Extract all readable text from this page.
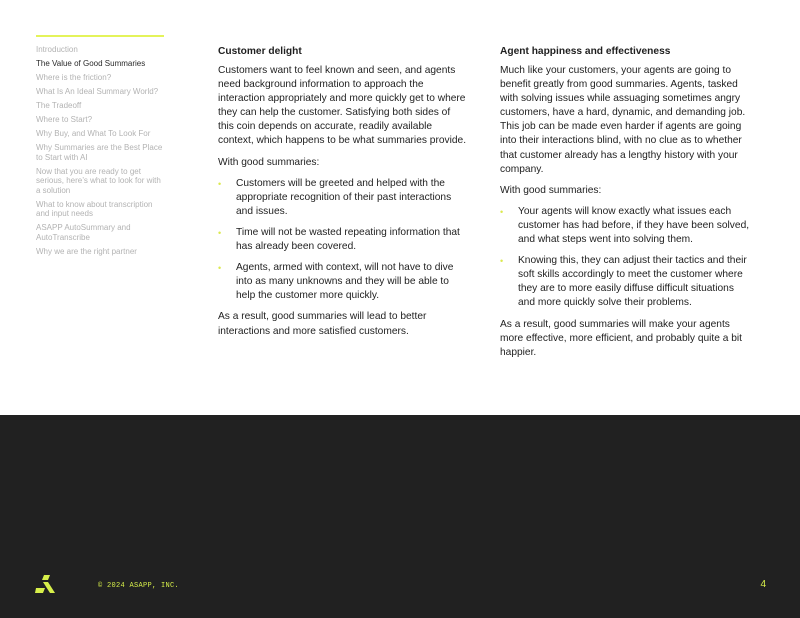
Introduction
The Value of Good Summaries
Where is the friction?
What Is An Ideal Summary World?
The Tradeoff
Where to Start?
Why Buy, and What To Look For
Why Summaries are the Best Place to Start with AI
Now that you are ready to get serious, here’s what to look for with a solution
What to know about transcription and input needs
ASAPP AutoSummary and AutoTranscribe
Why we are the right partner
Customer delight

Customers want to feel known and seen, and agents need background information to approach the interaction appropriately and more quickly get to where they can help the customer. Satisfying both sides of this coin depends on accurate, readily available context, which happens to be what summaries provide.

With good summaries:

• Customers will be greeted and helped with the appropriate recognition of their past interactions and issues.
• Time will not be wasted repeating information that has already been covered.
• Agents, armed with context, will not have to dive into as many unknowns and they will be able to help the customer more quickly.

As a result, good summaries will lead to better interactions and more satisfied customers.

Agent happiness and effectiveness

Much like your customers, your agents are going to benefit greatly from good summaries. Agents, tasked with solving issues while assuaging sometimes angry customers, have a hard, dynamic, and demanding job. This job can be made even harder if agents are going into their interactions blind, with no clue as to whether that customer already has a lengthy history with your company.

With good summaries:

• Your agents will know exactly what issues each customer has had before, if they have been solved, and what steps went into solving them.
• Knowing this, they can adjust their tactics and their soft skills accordingly to meet the customer where they are to more easily diffuse difficult situations and more quickly solve their problems.

As a result, good summaries will make your agents more effective, more efficient, and probably quite a bit happier.

© 2024 ASAPP, INC.	4
